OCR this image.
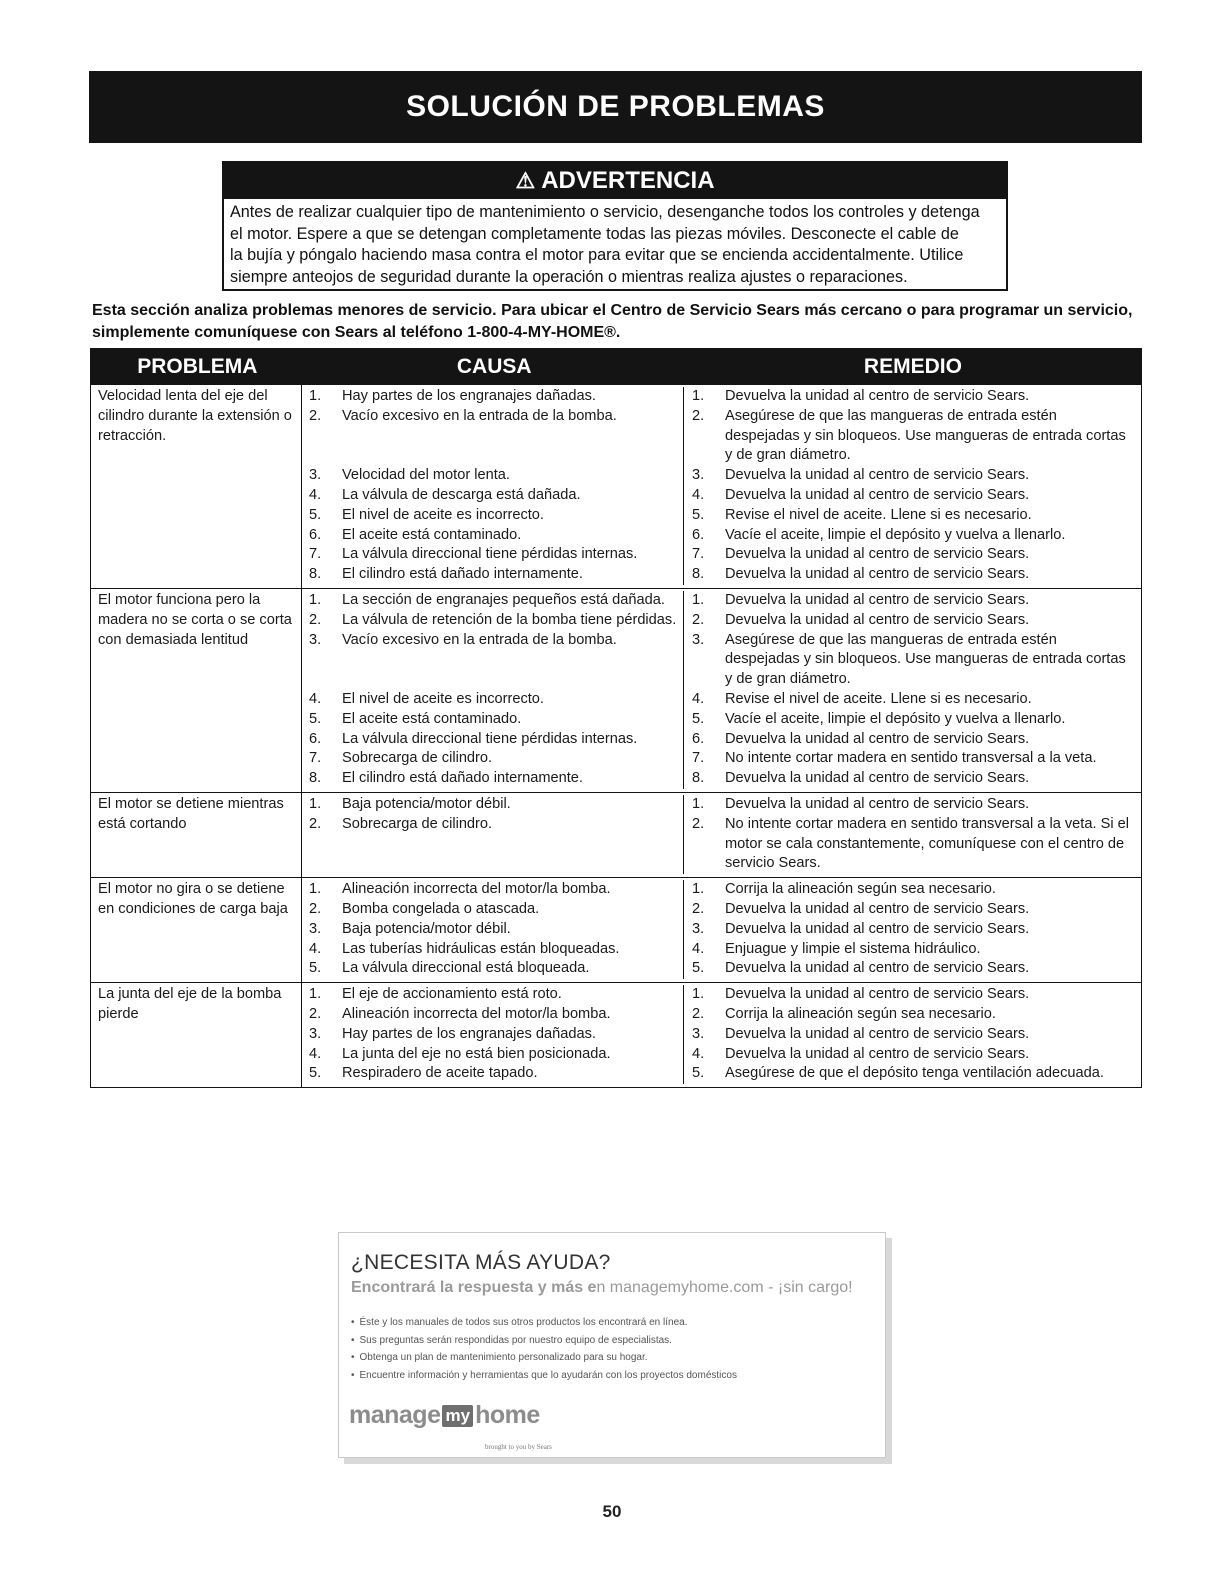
SOLUCIÓN DE PROBLEMAS
⚠ ADVERTENCIA
Antes de realizar cualquier tipo de mantenimiento o servicio, desenganche todos los controles y detenga
el motor. Espere a que se detengan completamente todas las piezas móviles. Desconecte el cable de
la bujía y póngalo haciendo masa contra el motor para evitar que se encienda accidentalmente. Utilice
siempre anteojos de seguridad durante la operación o mientras realiza ajustes o reparaciones.

Esta sección analiza problemas menores de servicio. Para ubicar el Centro de Servicio Sears más cercano o para programar un servicio, simplemente comuníquese con Sears al teléfono 1-800-4-MY-HOME®.

PROBLEMA	CAUSA	REMEDIO
Velocidad lenta del eje del cilindro durante la extensión o retracción.
1.	Hay partes de los engranajes dañadas.	1.	Devuelva la unidad al centro de servicio Sears.
2.	Vacío excesivo en la entrada de la bomba.	2.	Asegúrese de que las mangueras de entrada estén despejadas y sin bloqueos. Use mangueras de entrada cortas y de gran diámetro.
3.	Velocidad del motor lenta.	3.	Devuelva la unidad al centro de servicio Sears.
4.	La válvula de descarga está dañada.	4.	Devuelva la unidad al centro de servicio Sears.
5.	El nivel de aceite es incorrecto.	5.	Revise el nivel de aceite. Llene si es necesario.
6.	El aceite está contaminado.	6.	Vacíe el aceite, limpie el depósito y vuelva a llenarlo.
7.	La válvula direccional tiene pérdidas internas.	7.	Devuelva la unidad al centro de servicio Sears.
8.	El cilindro está dañado internamente.	8.	Devuelva la unidad al centro de servicio Sears.
El motor funciona pero la madera no se corta o se corta con demasiada lentitud
1.	La sección de engranajes pequeños está dañada.	1.	Devuelva la unidad al centro de servicio Sears.
2.	La válvula de retención de la bomba tiene pérdidas.	2.	Devuelva la unidad al centro de servicio Sears.
3.	Vacío excesivo en la entrada de la bomba.	3.	Asegúrese de que las mangueras de entrada estén despejadas y sin bloqueos. Use mangueras de entrada cortas y de gran diámetro.
4.	El nivel de aceite es incorrecto.	4.	Revise el nivel de aceite. Llene si es necesario.
5.	El aceite está contaminado.	5.	Vacíe el aceite, limpie el depósito y vuelva a llenarlo.
6.	La válvula direccional tiene pérdidas internas.	6.	Devuelva la unidad al centro de servicio Sears.
7.	Sobrecarga de cilindro.	7.	No intente cortar madera en sentido transversal a la veta.
8.	El cilindro está dañado internamente.	8.	Devuelva la unidad al centro de servicio Sears.
El motor se detiene mientras está cortando
1.	Baja potencia/motor débil.	1.	Devuelva la unidad al centro de servicio Sears.
2.	Sobrecarga de cilindro.	2.	No intente cortar madera en sentido transversal a la veta. Si el motor se cala constantemente, comuníquese con el centro de servicio Sears.
El motor no gira o se detiene en condiciones de carga baja
1.	Alineación incorrecta del motor/la bomba.	1.	Corrija la alineación según sea necesario.
2.	Bomba congelada o atascada.	2.	Devuelva la unidad al centro de servicio Sears.
3.	Baja potencia/motor débil.	3.	Devuelva la unidad al centro de servicio Sears.
4.	Las tuberías hidráulicas están bloqueadas.	4.	Enjuague y limpie el sistema hidráulico.
5.	La válvula direccional está bloqueada.	5.	Devuelva la unidad al centro de servicio Sears.
La junta del eje de la bomba pierde
1.	El eje de accionamiento está roto.	1.	Devuelva la unidad al centro de servicio Sears.
2.	Alineación incorrecta del motor/la bomba.	2.	Corrija la alineación según sea necesario.
3.	Hay partes de los engranajes dañadas.	3.	Devuelva la unidad al centro de servicio Sears.
4.	La junta del eje no está bien posicionada.	4.	Devuelva la unidad al centro de servicio Sears.
5.	Respiradero de aceite tapado.	5.	Asegúrese de que el depósito tenga ventilación adecuada.
¿NECESITA MÁS AYUDA?
Encontrará la respuesta y más en managemyhome.com - ¡sin cargo!
• Éste y los manuales de todos sus otros productos los encontrará en línea.
• Sus preguntas serán respondidas por nuestro equipo de especialistas.
• Obtenga un plan de mantenimiento personalizado para su hogar.
• Encuentre información y herramientas que lo ayudarán con los proyectos domésticos
manage my home
brought to you by Sears
50
